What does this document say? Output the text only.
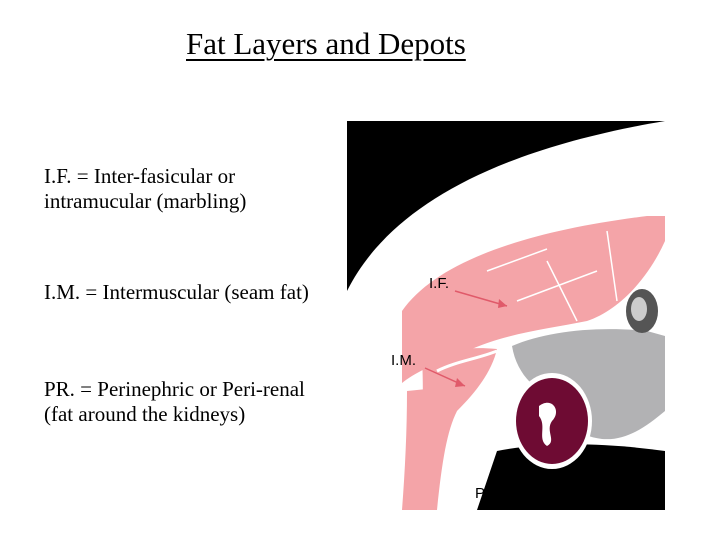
Fat Layers and Depots
I.F. = Inter-fasicular or intramucular (marbling)
I.M. = Intermuscular (seam fat)
PR. = Perinephric or Peri-renal (fat around the kidneys)
I.F.
I.M.
PR.
